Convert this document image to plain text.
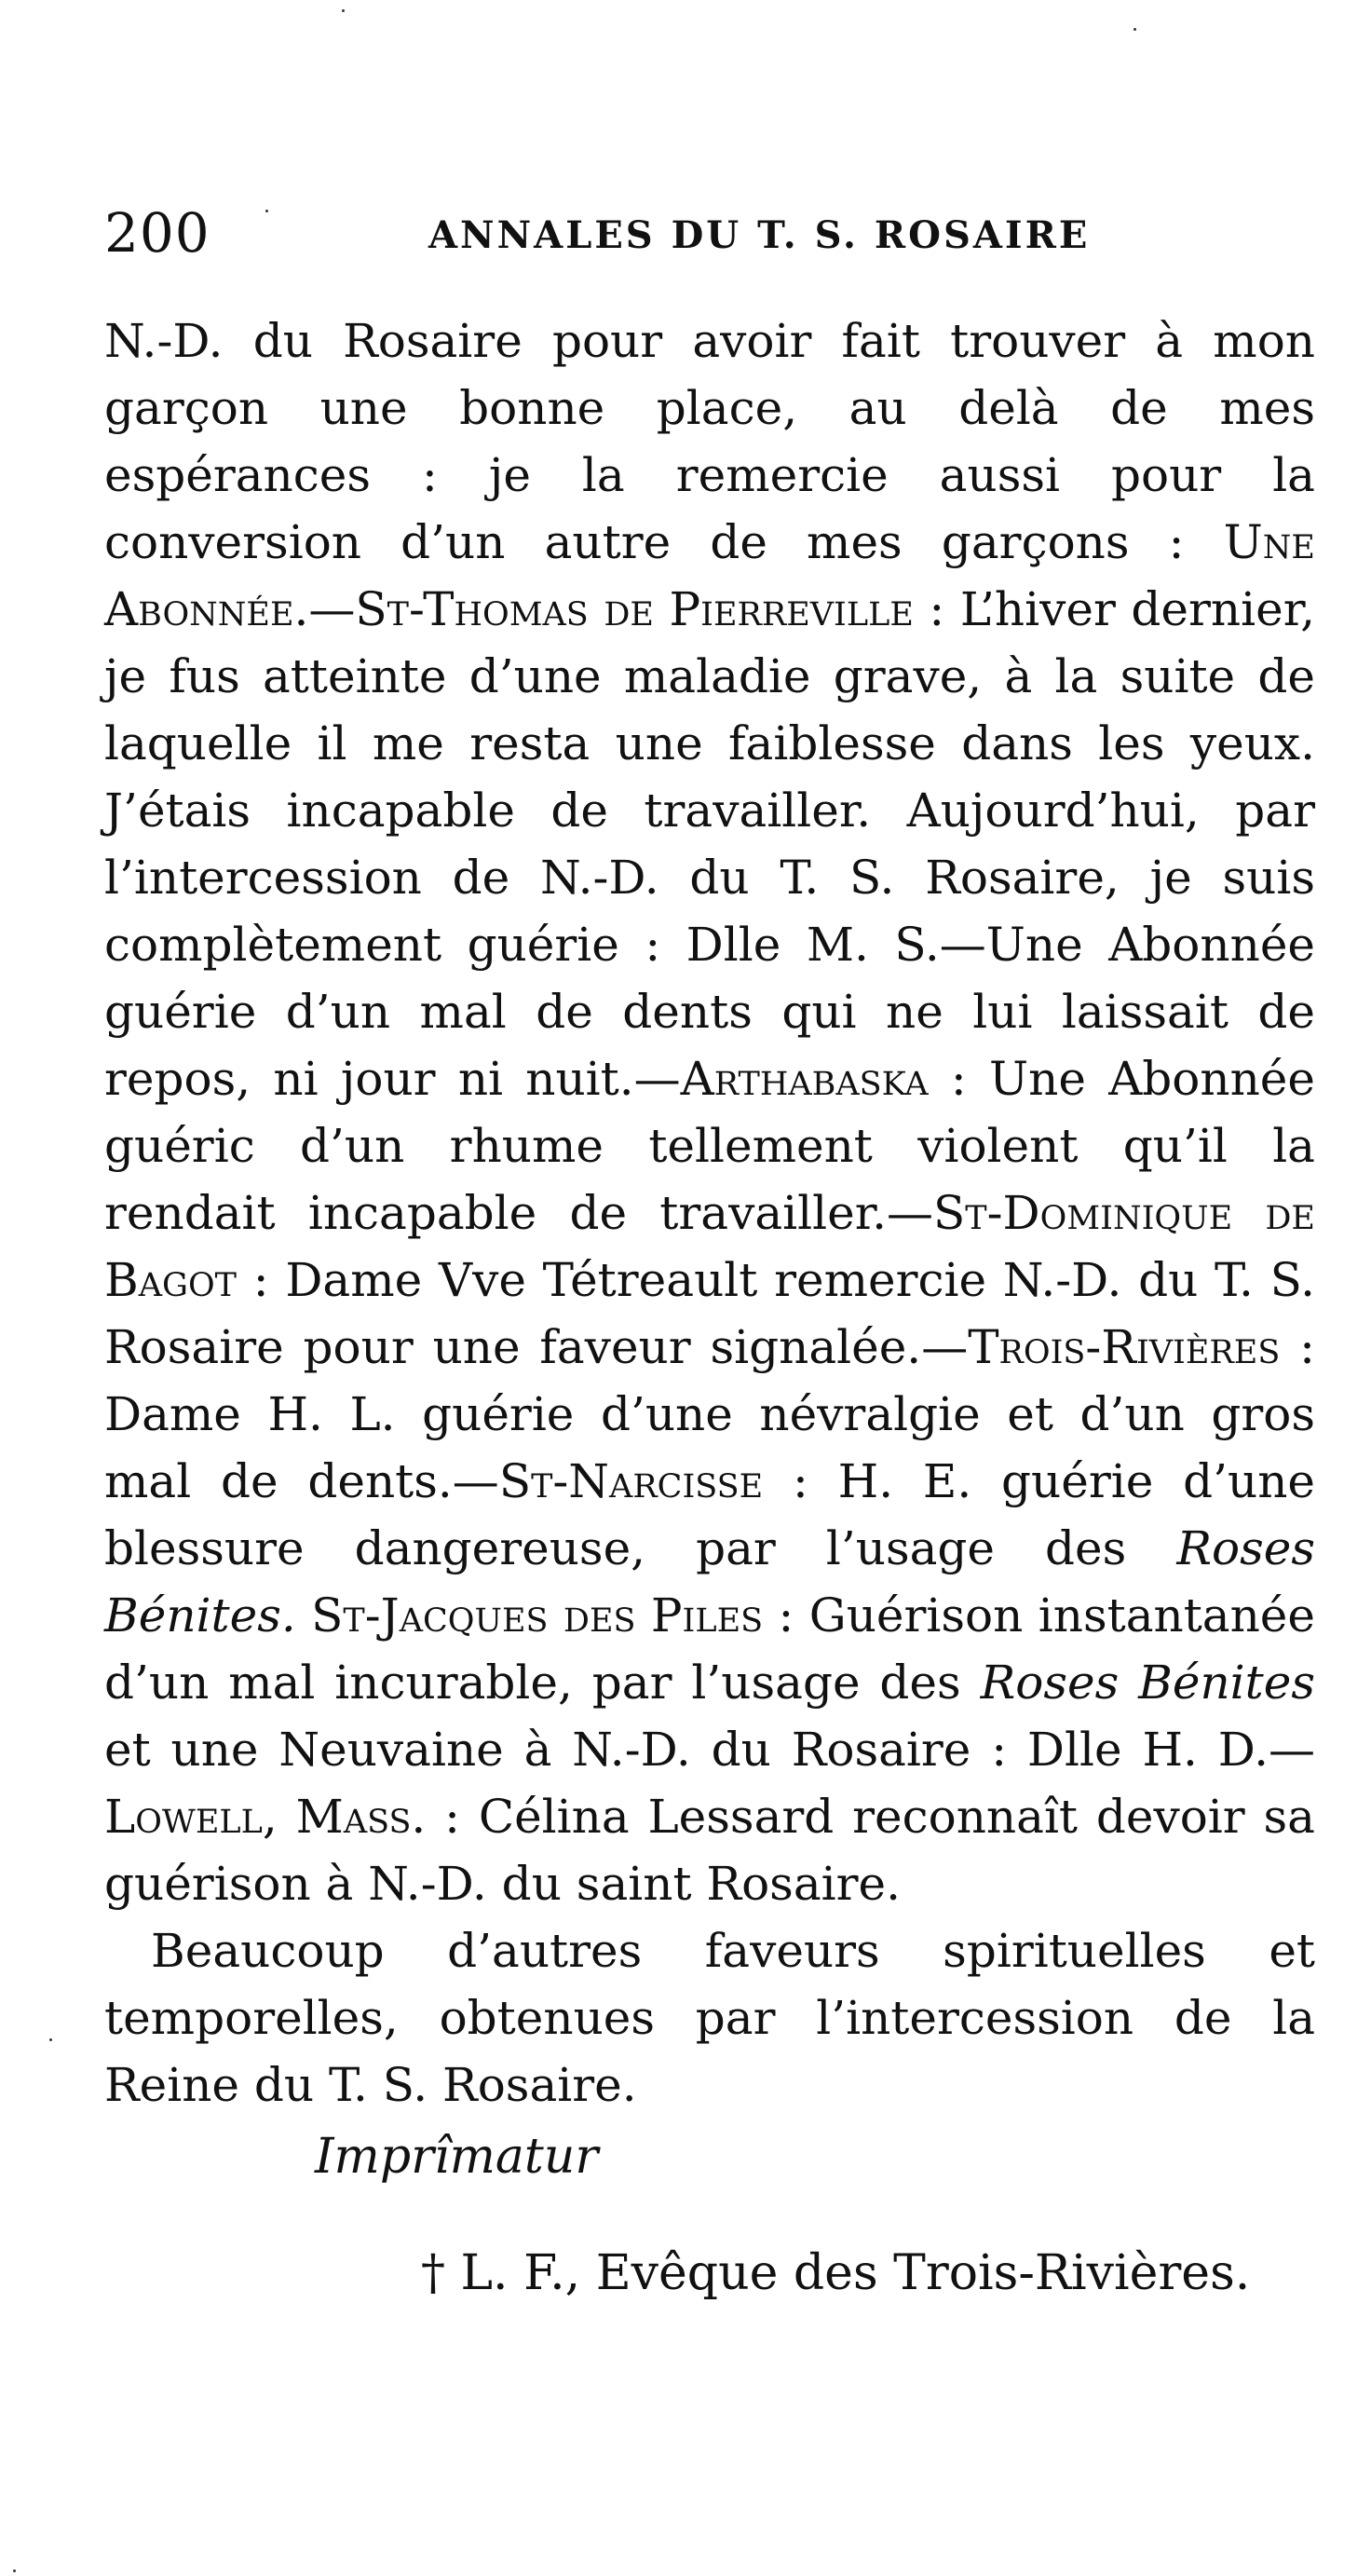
200	ANNALES DU T. S. ROSAIRE

N.-D. du Rosaire pour avoir fait trouver à mon garçon une bonne place, au delà de mes espérances : je la remercie aussi pour la conversion d’un autre de mes garçons : Une Abonnée.—St-Thomas de Pierreville : L’hiver dernier, je fus atteinte d’une maladie grave, à la suite de laquelle il me resta une faiblesse dans les yeux. J’étais incapable de travailler. Aujourd’hui, par l’intercession de N.-D. du T. S. Rosaire, je suis complètement guérie : Dlle M. S.—Une Abonnée guérie d’un mal de dents qui ne lui laissait de repos, ni jour ni nuit.—Arthabaska : Une Abonnée guéric d’un rhume tellement violent qu’il la rendait incapable de travailler.—St-Dominique de Bagot : Dame Vve Tétreault remercie N.-D. du T. S. Rosaire pour une faveur signalée.—Trois-Rivières : Dame H. L. guérie d’une névralgie et d’un gros mal de dents.—St-Narcisse : H. E. guérie d’une blessure dangereuse, par l’usage des Roses Bénites. St-Jacques des Piles : Guérison instantanée d’un mal incurable, par l’usage des Roses Bénites et une Neuvaine à N.-D. du Rosaire : Dlle H. D.—Lowell, Mass. : Célina Lessard reconnaît devoir sa guérison à N.-D. du saint Rosaire.

Beaucoup d’autres faveurs spirituelles et temporelles, obtenues par l’intercession de la Reine du T. S. Rosaire.

Imprîmatur
† L. F., Evêque des Trois-Rivières.
